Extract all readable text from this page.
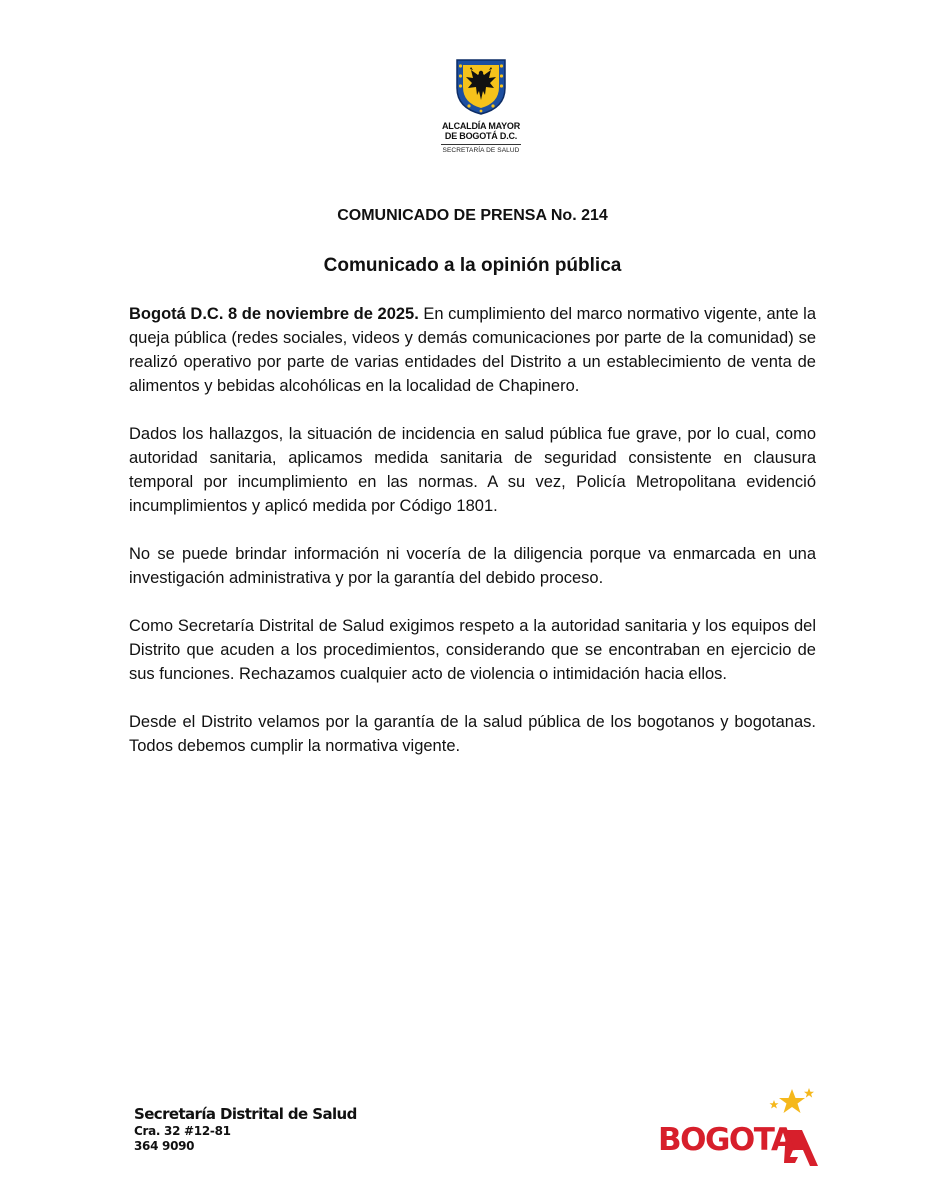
ALCALDÍA MAYOR
DE BOGOTÁ D.C.
SECRETARÍA DE SALUD
COMUNICADO DE PRENSA No. 214
Comunicado a la opinión pública

Bogotá D.C. 8 de noviembre de 2025. En cumplimiento del marco normativo vigente, ante la queja pública (redes sociales, videos y demás comunicaciones por parte de la comunidad) se realizó operativo por parte de varias entidades del Distrito a un establecimiento de venta de alimentos y bebidas alcohólicas en la localidad de Chapinero.

Dados los hallazgos, la situación de incidencia en salud pública fue grave, por lo cual, como autoridad sanitaria, aplicamos medida sanitaria de seguridad consistente en clausura temporal por incumplimiento en las normas. A su vez, Policía Metropolitana evidenció incumplimientos y aplicó medida por Código 1801.

No se puede brindar información ni vocería de la diligencia porque va enmarcada en una investigación administrativa y por la garantía del debido proceso.

Como Secretaría Distrital de Salud exigimos respeto a la autoridad sanitaria y los equipos del Distrito que acuden a los procedimientos, considerando que se encontraban en ejercicio de sus funciones. Rechazamos cualquier acto de violencia o intimidación hacia ellos.

Desde el Distrito velamos por la garantía de la salud pública de los bogotanos y bogotanas. Todos debemos cumplir la normativa vigente.

Secretaría Distrital de Salud
Cra. 32 #12-81
364 9090	BOGOTA
